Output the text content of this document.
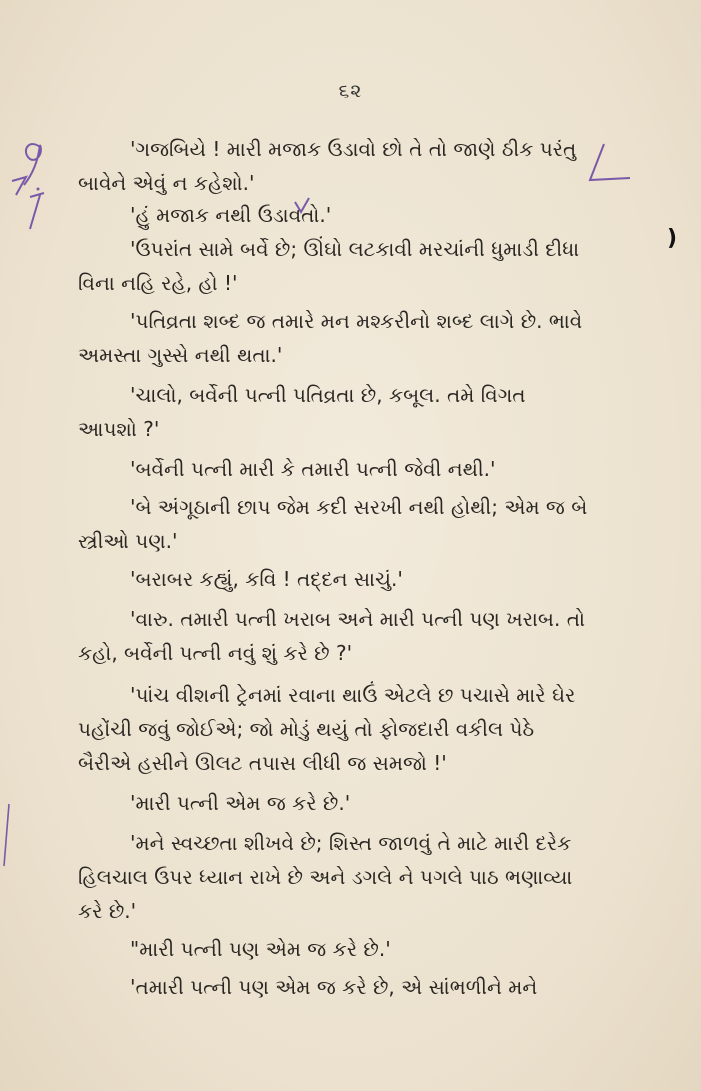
૬૨
)

'ગજબિયે ! મારી મજાક ઉડાવો છો તે તો જાણે ઠીક પરંતુ
બાવેને એવું ન કહેશો.'

'હું મજાક નથી ઉડાવતો.'

'ઉપરાંત સામે બર્વે છે; ઊંઘો લટકાવી મરચાંની ધુમાડી દીધા
વિના નહિ રહે, હો !'

'પતિવ્રતા શબ્દ જ તમારે મન મશ્કરીનો શબ્દ લાગે છે. ભાવે
અમસ્તા ગુસ્સે નથી થતા.'

'ચાલો, બર્વેની પત્ની પતિવ્રતા છે, કબૂલ. તમે વિગત
આપશો ?'

'બર્વેની પત્ની મારી કે તમારી પત્ની જેવી નથી.'

'બે અંગૂઠાની છાપ જેમ કદી સરખી નથી હોથી; એમ જ બે
સ્ત્રીઓ પણ.'

'બરાબર કહ્યું, કવિ ! તદ્દન સાચું.'

'વારુ. તમારી પત્ની ખરાબ અને મારી પત્ની પણ ખરાબ. તો
કહો, બર્વેની પત્ની નવું શું કરે છે ?'

'પાંચ વીશની ટ્રેનમાં રવાના થાઉં એટલે છ પચાસે મારે ઘેર
પહોંચી જવું જોઈએ; જો મોડું થયું તો ફોજદારી વકીલ પેઠે
બૈરીએ હસીને ઊલટ તપાસ લીધી જ સમજો !'

'મારી પત્ની એમ જ કરે છે.'

'મને સ્વચ્છતા શીખવે છે; શિસ્ત જાળવું તે માટે મારી દરેક
હિલચાલ ઉપર ધ્યાન રાખે છે અને ડગલે ને પગલે પાઠ ભણાવ્યા
કરે છે.'

"મારી પત્ની પણ એમ જ કરે છે.'

'તમારી પત્ની પણ એમ જ કરે છે, એ સાંભળીને મને
